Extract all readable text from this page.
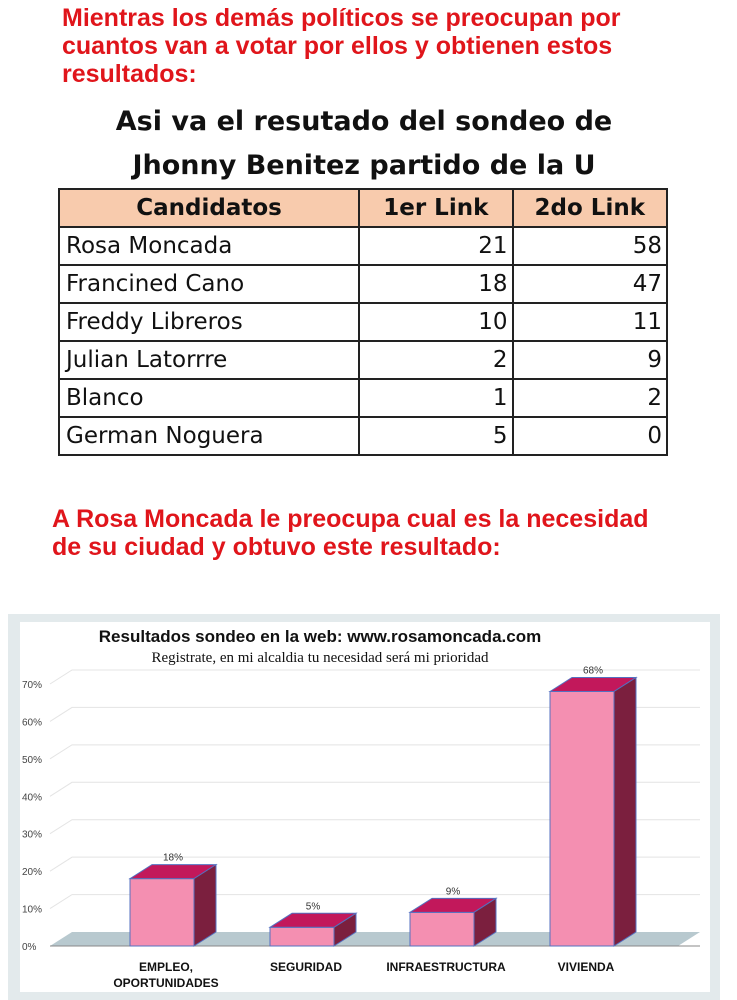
Mientras los demás políticos se preocupan por cuantos van a votar por ellos y obtienen estos resultados:

Asi va el resutado del sondeo de
Jhonny Benitez partido de la U
Candidatos	1er Link	2do Link
Rosa Moncada	21	58
Francined Cano	18	47
Freddy Libreros	10	11
Julian Latorrre	2	9
Blanco	1	2
German Noguera	5	0

A Rosa Moncada le preocupa cual es la necesidad de su ciudad y obtuvo este resultado:

Resultados sondeo en la web: www.rosamoncada.com
Registrate, en mi alcaldia tu necesidad será mi prioridad
0%
10%
20%
30%
40%
50%
60%
70%
18%
EMPLEO,
OPORTUNIDADES
5%
SEGURIDAD
9%
INFRAESTRUCTURA
68%
VIVIENDA
